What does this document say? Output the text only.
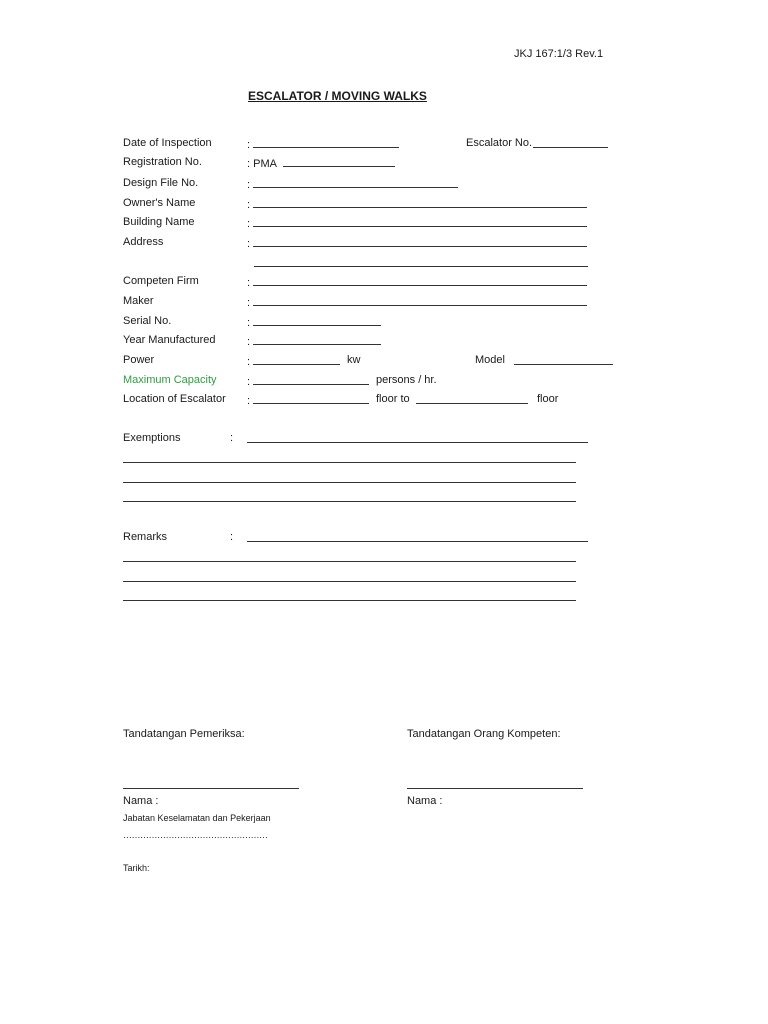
JKJ 167:1/3 Rev.1
ESCALATOR / MOVING WALKS
Date of Inspection	:	Escalator No.
Registration No.	: PMA
Design File No.	:
Owner's Name	:
Building Name	:
Address	:
Competen Firm	:
Maker	:
Serial No.	:
Year Manufactured	:
Power	:	kw	Model
Maximum Capacity	:	persons / hr.
Location of Escalator :	floor to	floor
Exemptions	:
Remarks	:
Tandatangan Pemeriksa:	Tandatangan Orang Kompeten:
Nama :	Nama :
Jabatan Keselamatan dan Pekerjaan
……………………………………………
Tarikh:
